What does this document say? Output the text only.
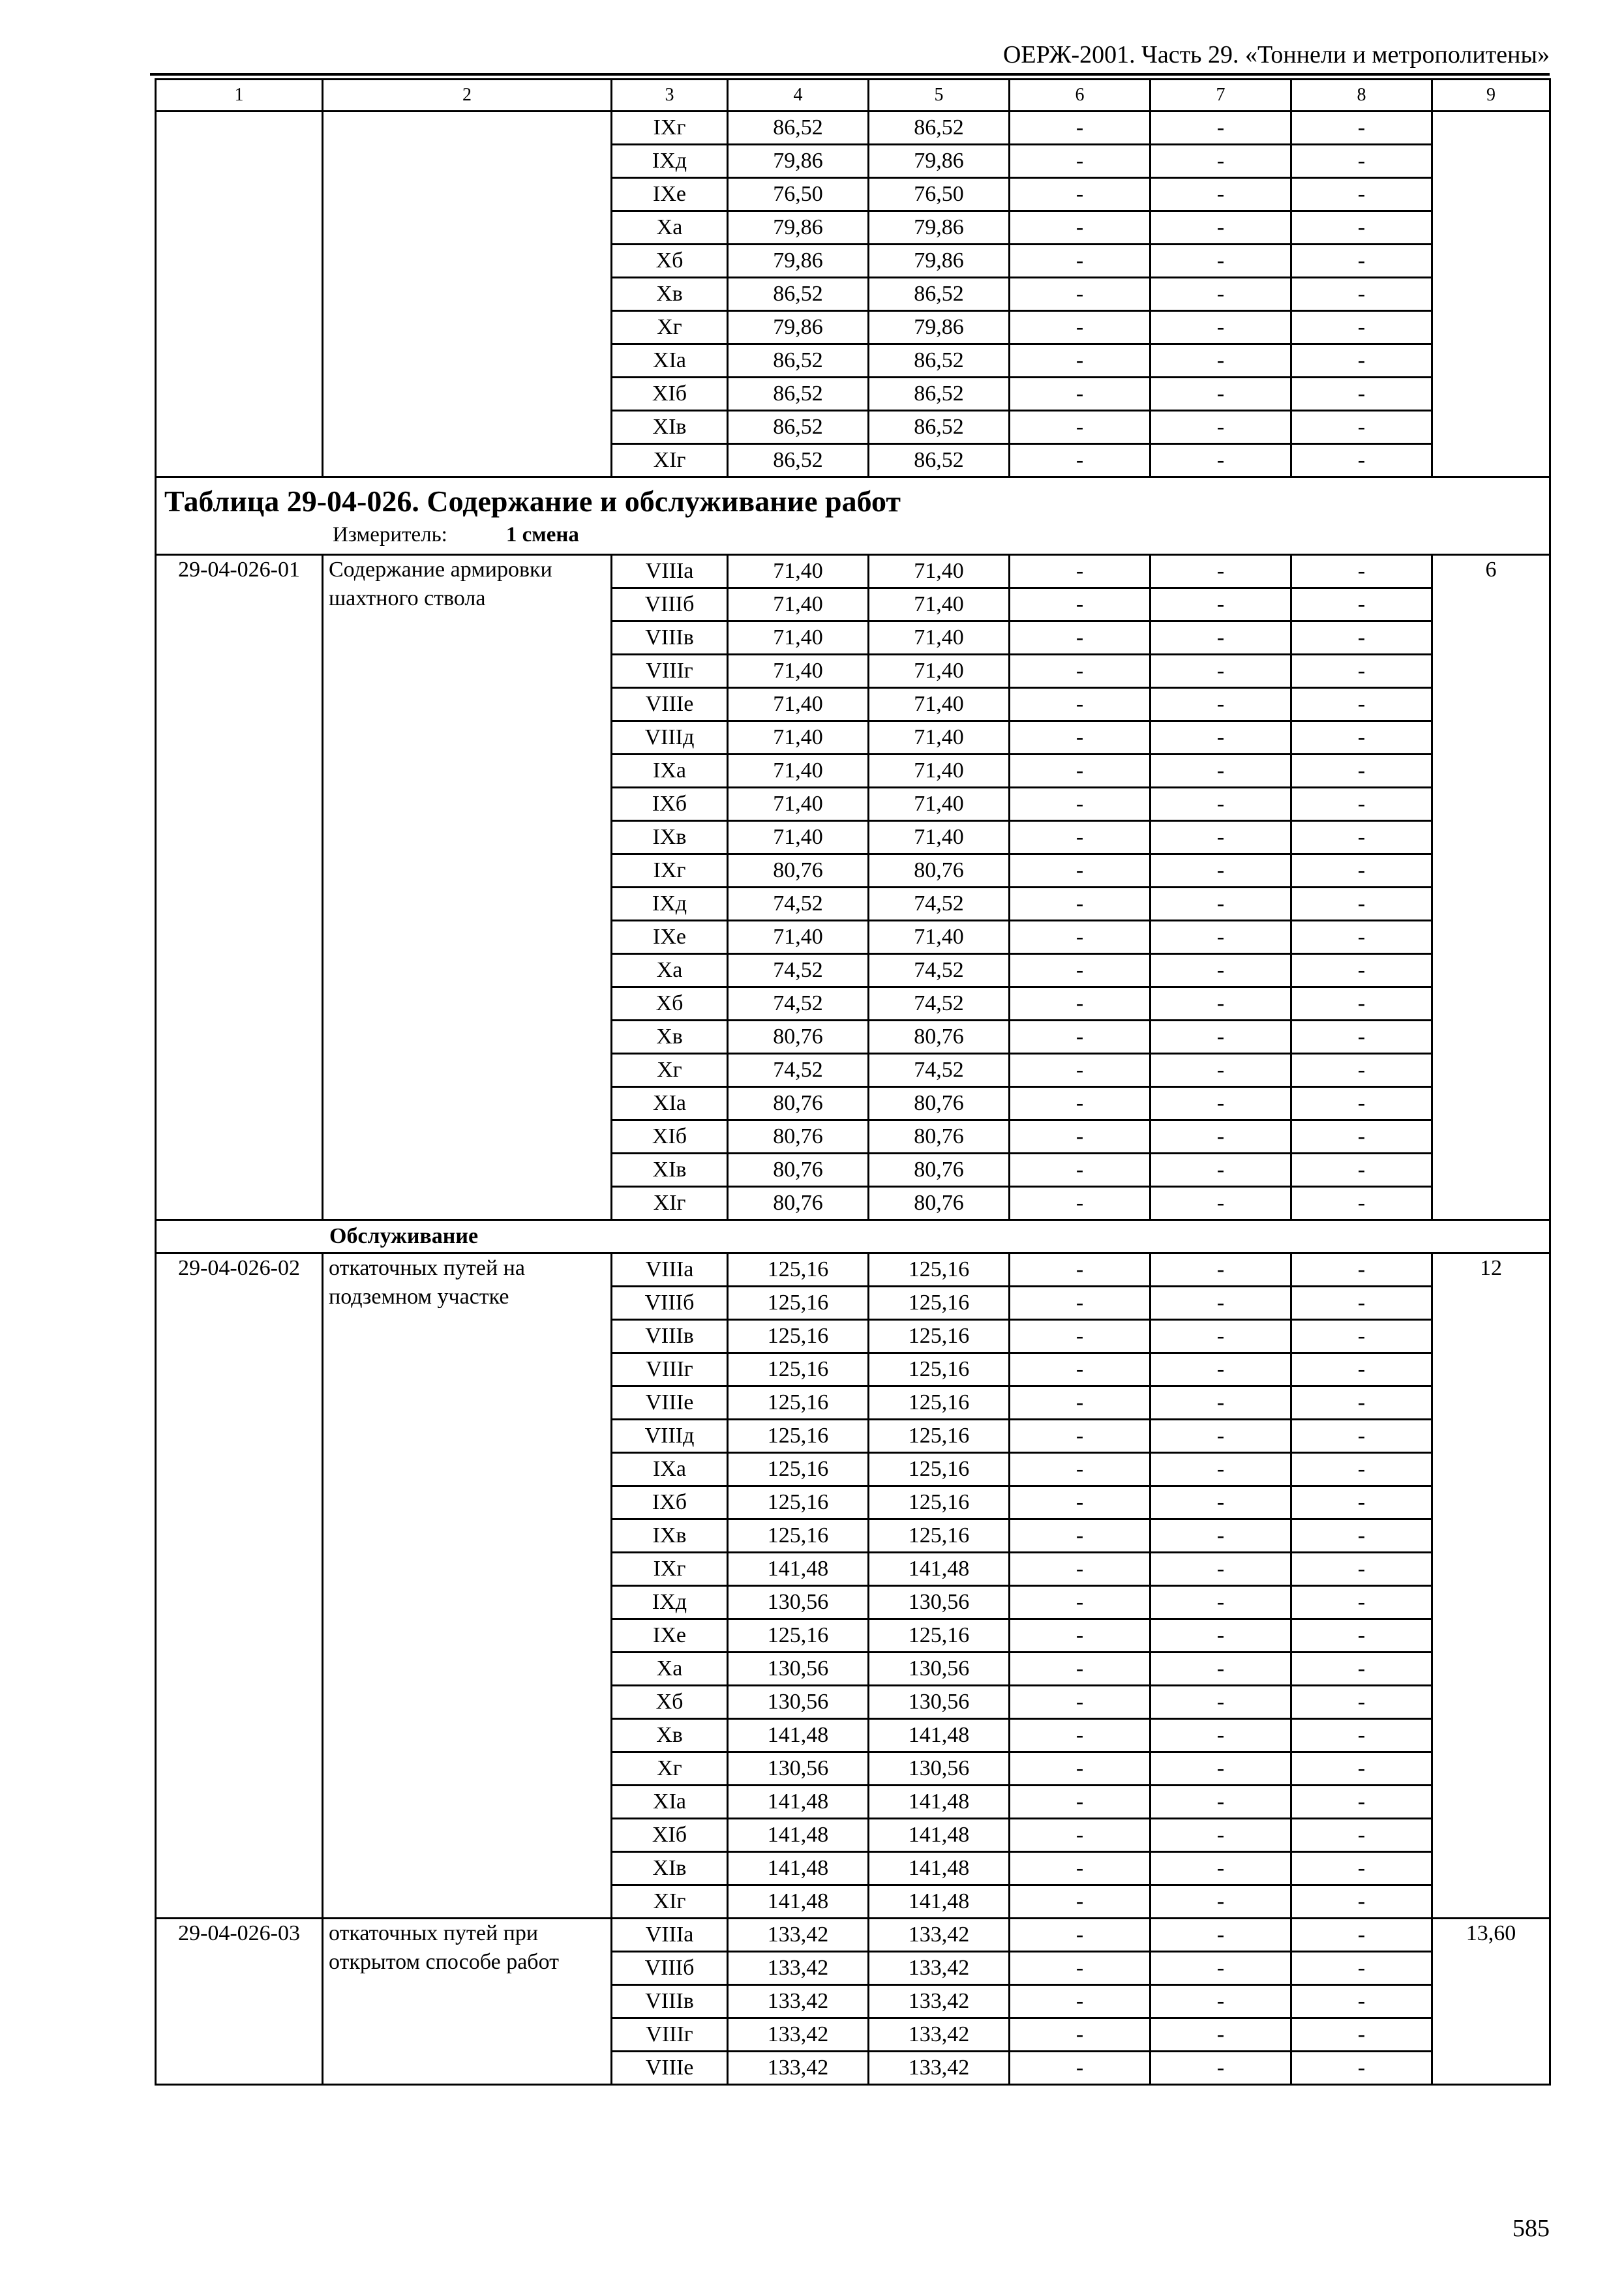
ОЕРЖ-2001. Часть 29. «Тоннели и метрополитены»
1	2	3	4	5	6	7	8	9
		IXг	86,52	86,52	-	-	-	
		IXд	79,86	79,86	-	-	-	
		IXе	76,50	76,50	-	-	-	
		Xа	79,86	79,86	-	-	-	
		Xб	79,86	79,86	-	-	-	
		Xв	86,52	86,52	-	-	-	
		Xг	79,86	79,86	-	-	-	
		XIа	86,52	86,52	-	-	-	
		XIб	86,52	86,52	-	-	-	
		XIв	86,52	86,52	-	-	-	
		XIг	86,52	86,52	-	-	-	

Таблица 29-04-026. Содержание и обслуживание работ
Измеритель: 1 смена								

29-04-026-01	Содержание армировки шахтного ствола	VIIIа	71,40	71,40	-	-	-	6
		VIIIб	71,40	71,40	-	-	-	
		VIIIв	71,40	71,40	-	-	-	
		VIIIг	71,40	71,40	-	-	-	
		VIIIе	71,40	71,40	-	-	-	
		VIIIд	71,40	71,40	-	-	-	
		IXа	71,40	71,40	-	-	-	
		IXб	71,40	71,40	-	-	-	
		IXв	71,40	71,40	-	-	-	
		IXг	80,76	80,76	-	-	-	
		IXд	74,52	74,52	-	-	-	
		IXе	71,40	71,40	-	-	-	
		Xа	74,52	74,52	-	-	-	
		Xб	74,52	74,52	-	-	-	
		Xв	80,76	80,76	-	-	-	
		Xг	74,52	74,52	-	-	-	
		XIа	80,76	80,76	-	-	-	
		XIб	80,76	80,76	-	-	-	
		XIв	80,76	80,76	-	-	-	
		XIг	80,76	80,76	-	-	-	
Обслуживание								
29-04-026-02	откаточных путей на подземном участке	VIIIа	125,16	125,16	-	-	-	12
		VIIIб	125,16	125,16	-	-	-	
		VIIIв	125,16	125,16	-	-	-	
		VIIIг	125,16	125,16	-	-	-	
		VIIIе	125,16	125,16	-	-	-	
		VIIIд	125,16	125,16	-	-	-	
		IXа	125,16	125,16	-	-	-	
		IXб	125,16	125,16	-	-	-	
		IXв	125,16	125,16	-	-	-	
		IXг	141,48	141,48	-	-	-	
		IXд	130,56	130,56	-	-	-	
		IXе	125,16	125,16	-	-	-	
		Xа	130,56	130,56	-	-	-	
		Xб	130,56	130,56	-	-	-	
		Xв	141,48	141,48	-	-	-	
		Xг	130,56	130,56	-	-	-	
		XIа	141,48	141,48	-	-	-	
		XIб	141,48	141,48	-	-	-	
		XIв	141,48	141,48	-	-	-	
		XIг	141,48	141,48	-	-	-	
29-04-026-03	откаточных путей при открытом способе работ	VIIIа	133,42	133,42	-	-	-	13,60
		VIIIб	133,42	133,42	-	-	-	
		VIIIв	133,42	133,42	-	-	-	
		VIIIг	133,42	133,42	-	-	-	
		VIIIе	133,42	133,42	-	-	-	
585
